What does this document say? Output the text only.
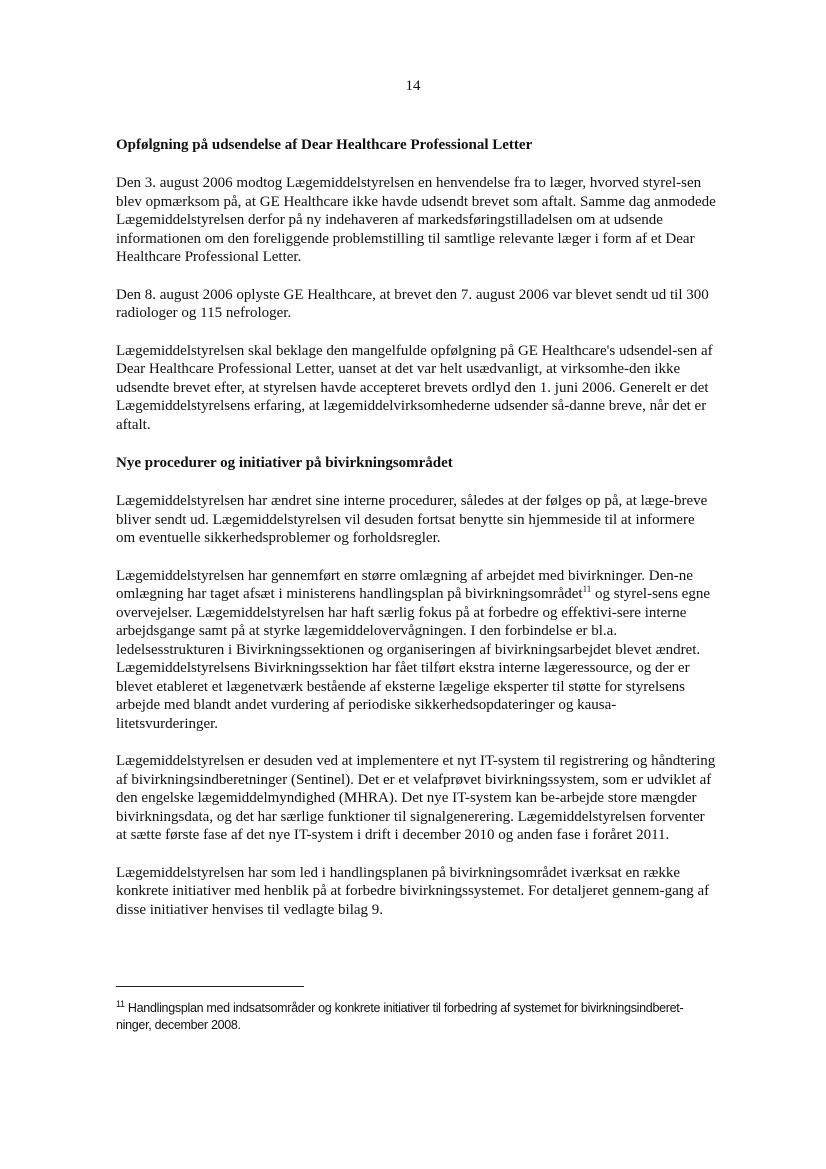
14
Opfølgning på udsendelse af Dear Healthcare Professional Letter

Den 3. august 2006 modtog Lægemiddelstyrelsen en henvendelse fra to læger, hvorved styrel-sen blev opmærksom på, at GE Healthcare ikke havde udsendt brevet som aftalt. Samme dag anmodede Lægemiddelstyrelsen derfor på ny indehaveren af markedsføringstilladelsen om at udsende informationen om den foreliggende problemstilling til samtlige relevante læger i form af et Dear Healthcare Professional Letter.

Den 8. august 2006 oplyste GE Healthcare, at brevet den 7. august 2006 var blevet sendt ud til 300 radiologer og 115 nefrologer.

Lægemiddelstyrelsen skal beklage den mangelfulde opfølgning på GE Healthcare's udsendel-sen af Dear Healthcare Professional Letter, uanset at det var helt usædvanligt, at virksomhe-den ikke udsendte brevet efter, at styrelsen havde accepteret brevets ordlyd den 1. juni 2006. Generelt er det Lægemiddelstyrelsens erfaring, at lægemiddelvirksomhederne udsender så-danne breve, når det er aftalt.

Nye procedurer og initiativer på bivirkningsområdet

Lægemiddelstyrelsen har ændret sine interne procedurer, således at der følges op på, at læge-breve bliver sendt ud. Lægemiddelstyrelsen vil desuden fortsat benytte sin hjemmeside til at informere om eventuelle sikkerhedsproblemer og forholdsregler.

Lægemiddelstyrelsen har gennemført en større omlægning af arbejdet med bivirkninger. Den-ne omlægning har taget afsæt i ministerens handlingsplan på bivirkningsområdet$^{11}$ og styrel-sens egne overvejelser. Lægemiddelstyrelsen har haft særlig fokus på at forbedre og effektivi-sere interne arbejdsgange samt på at styrke lægemiddelovervågningen. I den forbindelse er bl.a. ledelsesstrukturen i Bivirkningssektionen og organiseringen af bivirkningsarbejdet blevet ændret. Lægemiddelstyrelsens Bivirkningssektion har fået tilført ekstra interne lægeressource, og der er blevet etableret et lægenetværk bestående af eksterne lægelige eksperter til støtte for styrelsens arbejde med blandt andet vurdering af periodiske sikkerhedsopdateringer og kausa-litetsvurderinger.

Lægemiddelstyrelsen er desuden ved at implementere et nyt IT-system til registrering og håndtering af bivirkningsindberetninger (Sentinel). Det er et velafprøvet bivirkningssystem, som er udviklet af den engelske lægemiddelmyndighed (MHRA). Det nye IT-system kan be-arbejde store mængder bivirkningsdata, og det har særlige funktioner til signalgenerering. Lægemiddelstyrelsen forventer at sætte første fase af det nye IT-system i drift i december 2010 og anden fase i foråret 2011.

Lægemiddelstyrelsen har som led i handlingsplanen på bivirkningsområdet iværksat en række konkrete initiativer med henblik på at forbedre bivirkningssystemet. For detaljeret gennem-gang af disse initiativer henvises til vedlagte bilag 9.

$^{11}$ Handlingsplan med indsatsområder og konkrete initiativer til forbedring af systemet for bivirkningsindberet-ninger, december 2008.
